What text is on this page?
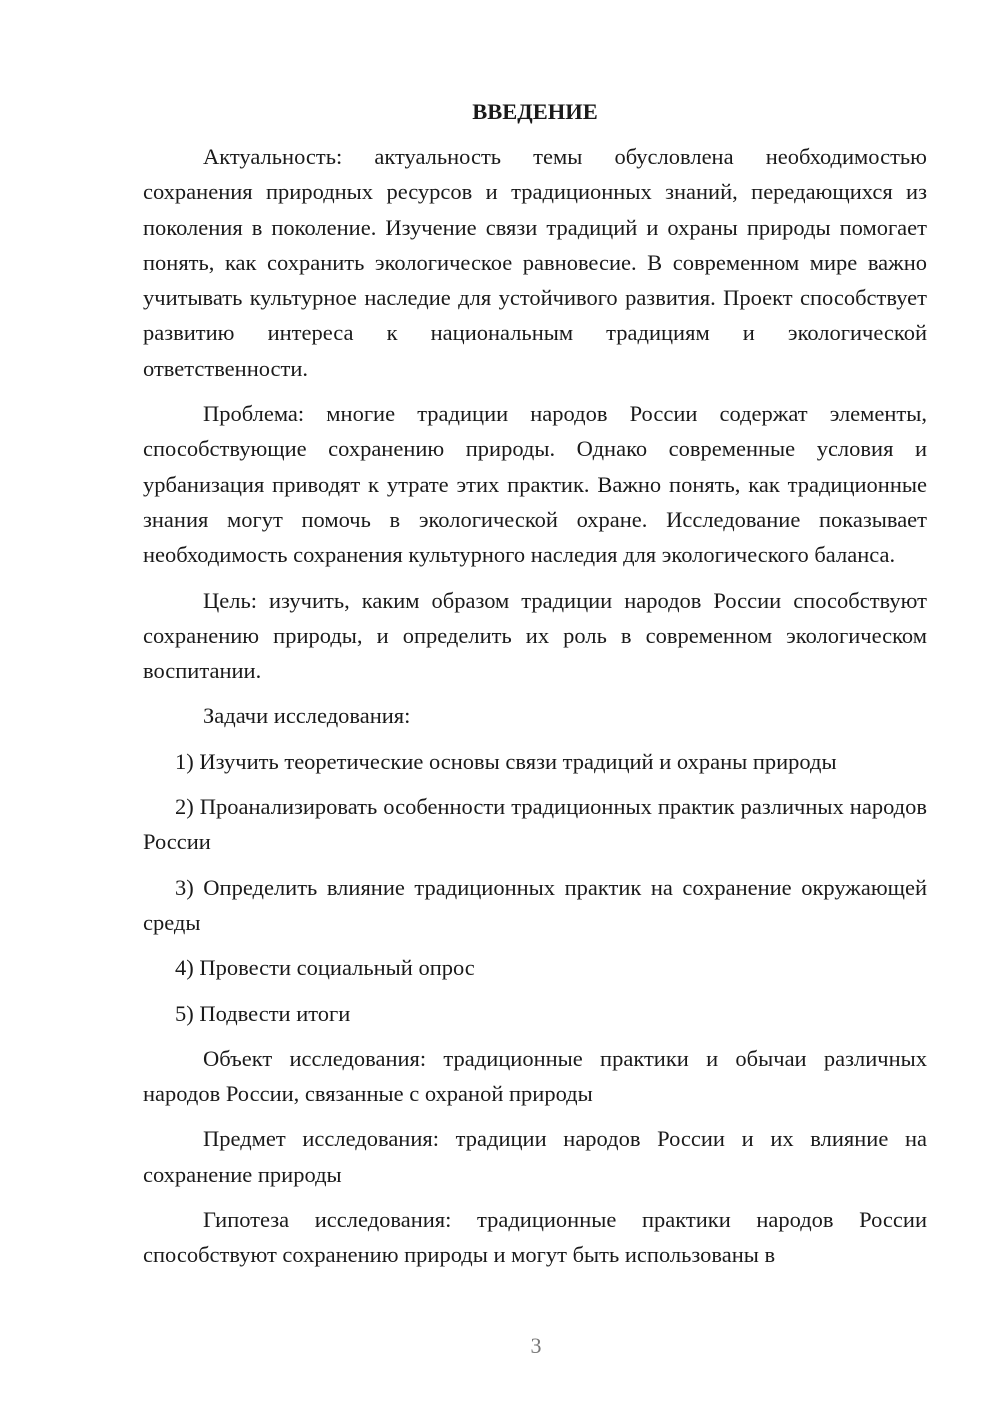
ВВЕДЕНИЕ

Актуальность: актуальность темы обусловлена необходимостью сохранения природных ресурсов и традиционных знаний, передающихся из поколения в поколение. Изучение связи традиций и охраны природы помогает понять, как сохранить экологическое равновесие. В современном мире важно учитывать культурное наследие для устойчивого развития. Проект способствует развитию интереса к национальным традициям и экологической ответственности.

Проблема: многие традиции народов России содержат элементы, способствующие сохранению природы. Однако современные условия и урбанизация приводят к утрате этих практик. Важно понять, как традиционные знания могут помочь в экологической охране. Исследование показывает необходимость сохранения культурного наследия для экологического баланса.

Цель: изучить, каким образом традиции народов России способствуют сохранению природы, и определить их роль в современном экологическом воспитании.

Задачи исследования:

1) Изучить теоретические основы связи традиций и охраны природы

2) Проанализировать особенности традиционных практик различных народов России

3) Определить влияние традиционных практик на сохранение окружающей среды

4) Провести социальный опрос

5) Подвести итоги

Объект исследования: традиционные практики и обычаи различных народов России, связанные с охраной природы

Предмет исследования: традиции народов России и их влияние на сохранение природы

Гипотеза исследования: традиционные практики народов России способствуют сохранению природы и могут быть использованы в

3
